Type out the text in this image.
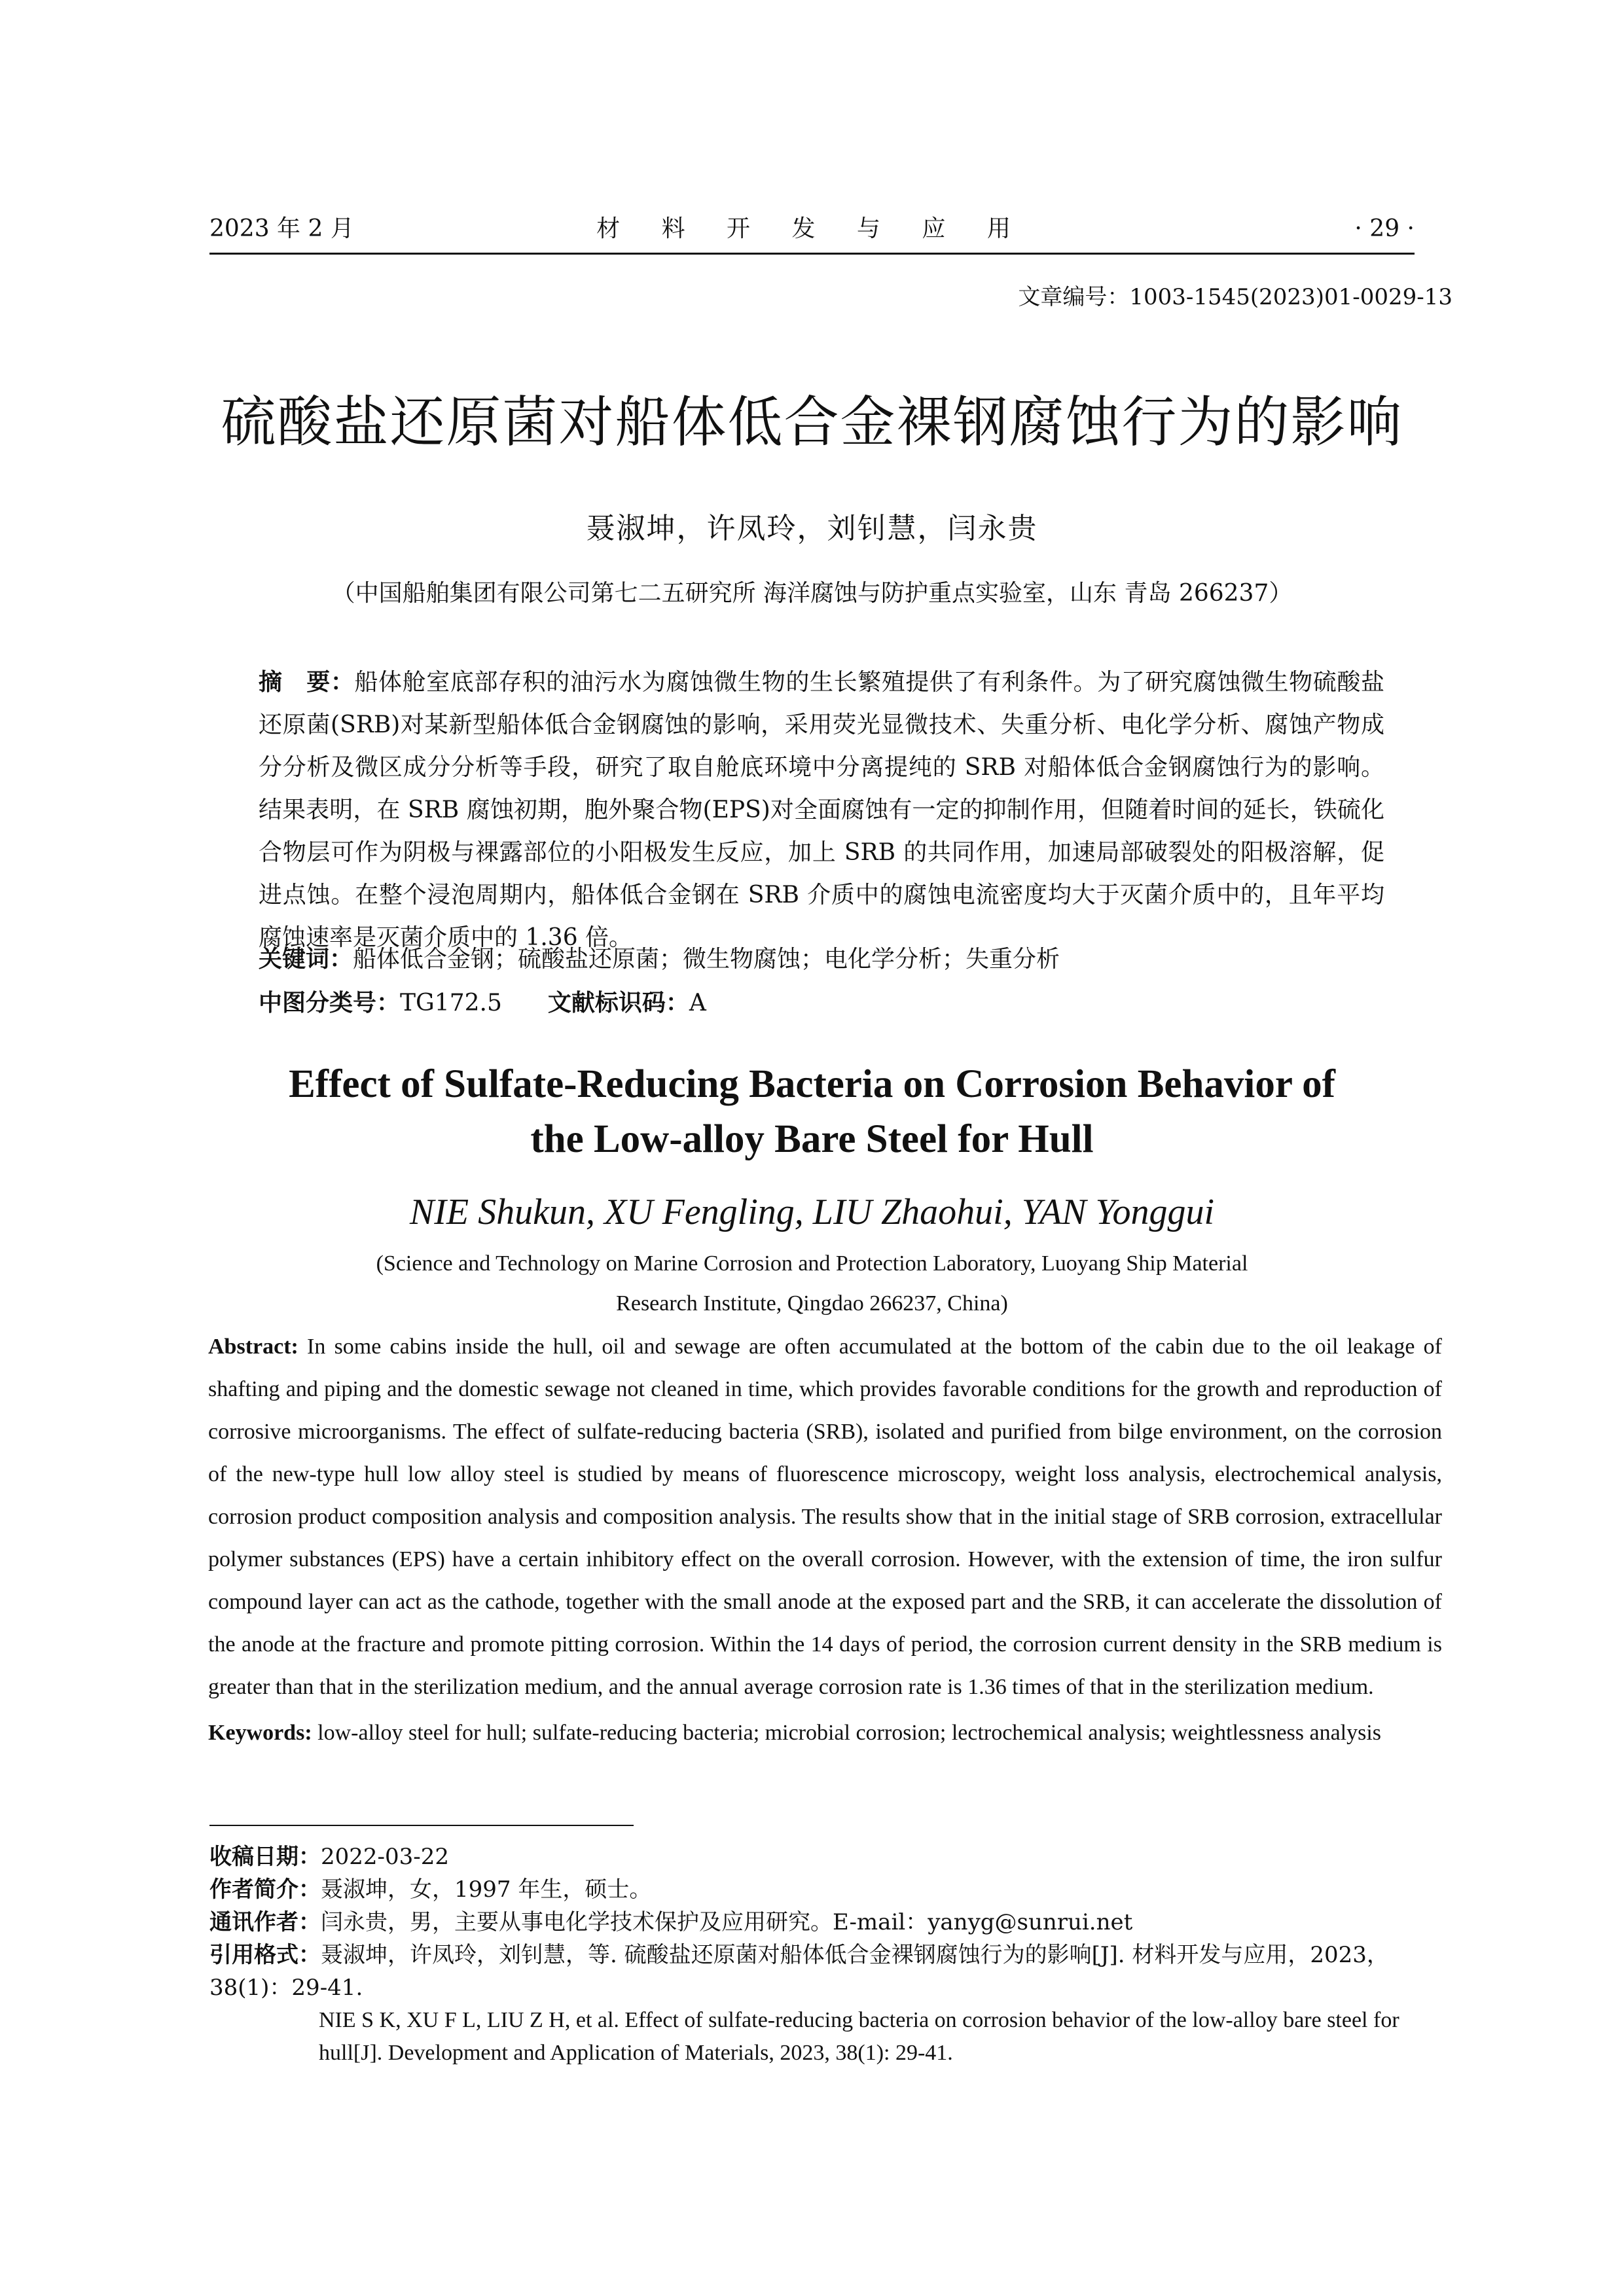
2023 年 2 月	材 料 开 发 与 应 用	· 29 ·
文章编号：1003-1545(2023)01-0029-13
硫酸盐还原菌对船体低合金裸钢腐蚀行为的影响
聂淑坤，许凤玲，刘钊慧，闫永贵
（中国船舶集团有限公司第七二五研究所 海洋腐蚀与防护重点实验室，山东 青岛 266237）
摘　要：船体舱室底部存积的油污水为腐蚀微生物的生长繁殖提供了有利条件。为了研究腐蚀微生物硫酸盐还原菌(SRB)对某新型船体低合金钢腐蚀的影响，采用荧光显微技术、失重分析、电化学分析、腐蚀产物成分分析及微区成分分析等手段，研究了取自舱底环境中分离提纯的 SRB 对船体低合金钢腐蚀行为的影响。结果表明，在 SRB 腐蚀初期，胞外聚合物(EPS)对全面腐蚀有一定的抑制作用，但随着时间的延长，铁硫化合物层可作为阴极与裸露部位的小阳极发生反应，加上 SRB 的共同作用，加速局部破裂处的阳极溶解，促进点蚀。在整个浸泡周期内，船体低合金钢在 SRB 介质中的腐蚀电流密度均大于灭菌介质中的，且年平均腐蚀速率是灭菌介质中的 1.36 倍。
关键词：船体低合金钢；硫酸盐还原菌；微生物腐蚀；电化学分析；失重分析
中图分类号：TG172.5 文献标识码：A
Effect of Sulfate-Reducing Bacteria on Corrosion Behavior of
the Low-alloy Bare Steel for Hull
NIE Shukun, XU Fengling, LIU Zhaohui, YAN Yonggui
(Science and Technology on Marine Corrosion and Protection Laboratory, Luoyang Ship Material
Research Institute, Qingdao 266237, China)
Abstract: In some cabins inside the hull, oil and sewage are often accumulated at the bottom of the cabin due to the oil leakage of shafting and piping and the domestic sewage not cleaned in time, which provides favorable conditions for the growth and reproduction of corrosive microorganisms. The effect of sulfate-reducing bacteria (SRB), isolated and purified from bilge environment, on the corrosion of the new-type hull low alloy steel is studied by means of fluorescence microscopy, weight loss analysis, electrochemical analysis, corrosion product composition analysis and composition analysis. The results show that in the initial stage of SRB corrosion, extracellular polymer substances (EPS) have a certain inhibitory effect on the overall corrosion. However, with the extension of time, the iron sulfur compound layer can act as the cathode, together with the small anode at the exposed part and the SRB, it can accelerate the dissolution of the anode at the fracture and promote pitting corrosion. Within the 14 days of period, the corrosion current density in the SRB medium is greater than that in the sterilization medium, and the annual average corrosion rate is 1.36 times of that in the sterilization medium.
Keywords: low-alloy steel for hull; sulfate-reducing bacteria; microbial corrosion; lectrochemical analysis; weightlessness analysis
收稿日期：2022-03-22
作者简介：聂淑坤，女，1997 年生，硕士。
通讯作者：闫永贵，男，主要从事电化学技术保护及应用研究。E-mail：yanyg@sunrui.net
引用格式：聂淑坤，许凤玲，刘钊慧，等. 硫酸盐还原菌对船体低合金裸钢腐蚀行为的影响[J]. 材料开发与应用，2023，38(1)：29-41.
NIE S K, XU F L, LIU Z H, et al. Effect of sulfate-reducing bacteria on corrosion behavior of the low-alloy bare steel for hull[J]. Development and Application of Materials, 2023, 38(1): 29-41.
